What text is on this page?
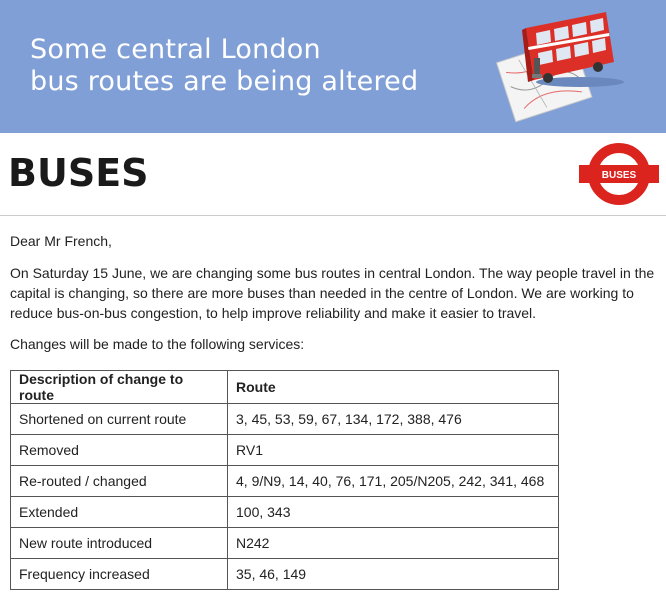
Some central London
bus routes are being altered
BUSES	BUSES
Dear Mr French,
On Saturday 15 June, we are changing some bus routes in central London. The way people travel in the capital is changing, so there are more buses than needed in the centre of London. We are working to reduce bus-on-bus congestion, to help improve reliability and make it easier to travel.
Changes will be made to the following services:
Description of change to route	Route
Shortened on current route	3, 45, 53, 59, 67, 134, 172, 388, 476
Removed	RV1
Re-routed / changed	4, 9/N9, 14, 40, 76, 171, 205/N205, 242, 341, 468
Extended	100, 343
New route introduced	N242
Frequency increased	35, 46, 149
